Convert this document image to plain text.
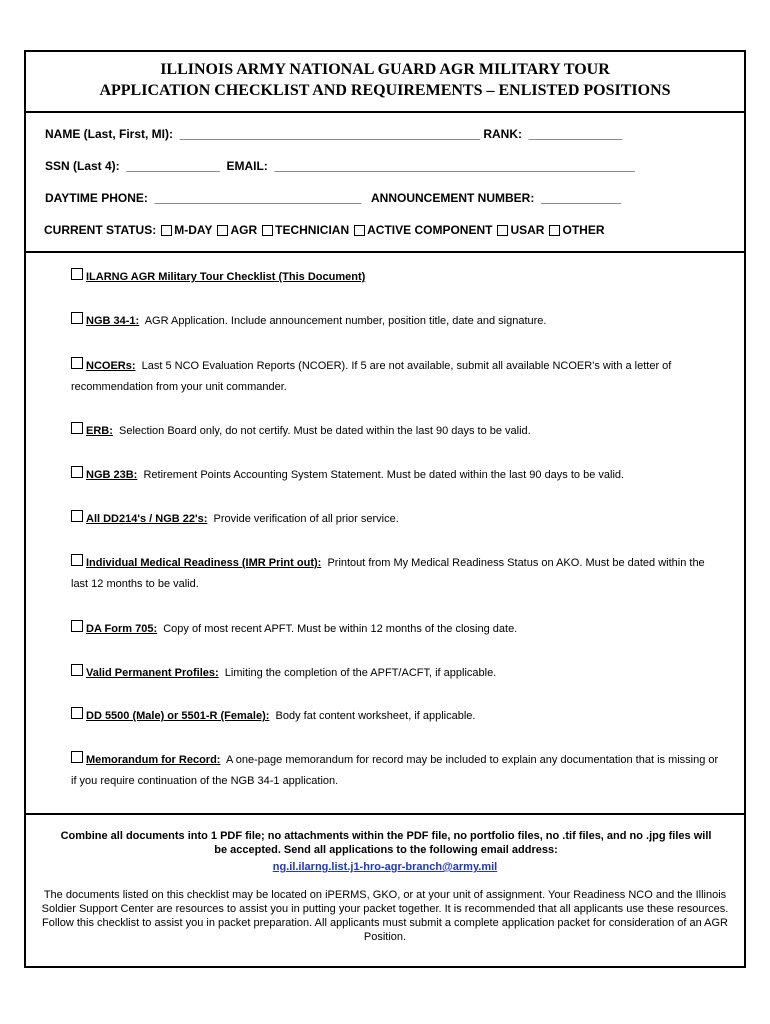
ILLINOIS ARMY NATIONAL GUARD AGR MILITARY TOUR
APPLICATION CHECKLIST AND REQUIREMENTS – ENLISTED POSITIONS
NAME (Last, First, MI):  _____________________________________________ RANK:  ______________
SSN (Last 4):  ______________  EMAIL:  ______________________________________________________
DAYTIME PHONE:  _______________________________   ANNOUNCEMENT NUMBER:  ____________
CURRENT STATUS: M-DAY AGR TECHNICIAN ACTIVE COMPONENT USAR OTHER
ILARNG AGR Military Tour Checklist (This Document)
NGB 34-1: AGR Application. Include announcement number, position title, date and signature.
NCOERs: Last 5 NCO Evaluation Reports (NCOER). If 5 are not available, submit all available NCOER's with a letter of recommendation from your unit commander.
ERB: Selection Board only, do not certify. Must be dated within the last 90 days to be valid.
NGB 23B: Retirement Points Accounting System Statement. Must be dated within the last 90 days to be valid.
All DD214's / NGB 22's: Provide verification of all prior service.
Individual Medical Readiness (IMR Print out): Printout from My Medical Readiness Status on AKO. Must be dated within the last 12 months to be valid.
DA Form 705: Copy of most recent APFT. Must be within 12 months of the closing date.
Valid Permanent Profiles: Limiting the completion of the APFT/ACFT, if applicable.
DD 5500 (Male) or 5501-R (Female): Body fat content worksheet, if applicable.
Memorandum for Record: A one-page memorandum for record may be included to explain any documentation that is missing or if you require continuation of the NGB 34-1 application.
Combine all documents into 1 PDF file; no attachments within the PDF file, no portfolio files, no .tif files, and no .jpg files will be accepted. Send all applications to the following email address:
ng.il.ilarng.list.j1-hro-agr-branch@army.mil
The documents listed on this checklist may be located on iPERMS, GKO, or at your unit of assignment. Your Readiness NCO and the Illinois Soldier Support Center are resources to assist you in putting your packet together. It is recommended that all applicants use these resources. Follow this checklist to assist you in packet preparation. All applicants must submit a complete application packet for consideration of an AGR Position.
